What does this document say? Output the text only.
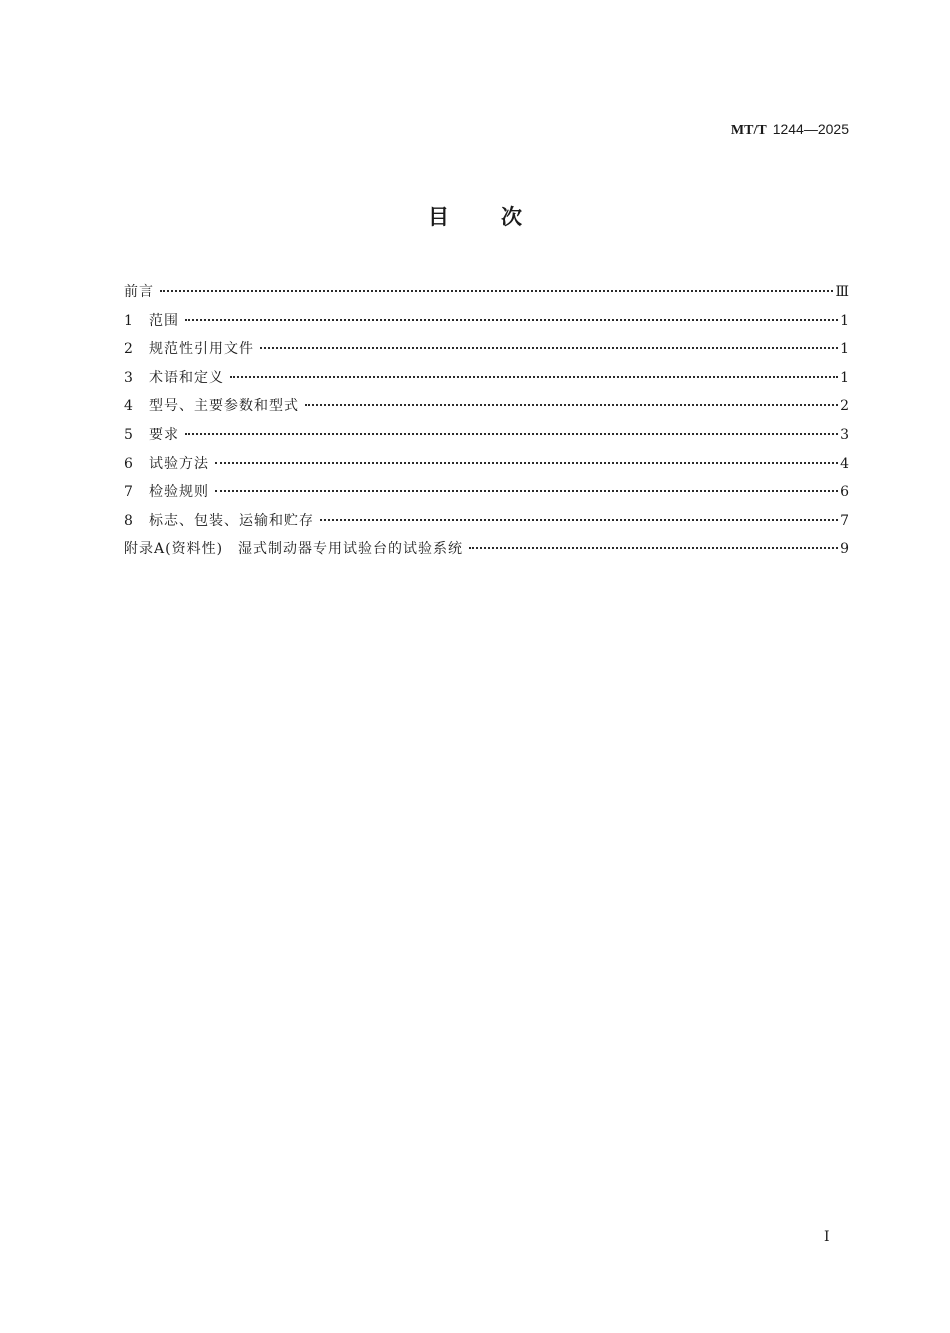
MT/T 1244—2025
目次
前言	Ⅲ
1	范围	1
2	规范性引用文件	1
3	术语和定义	1
4	型号、主要参数和型式	2
5	要求	3
6	试验方法	4
7	检验规则	6
8	标志、包装、运输和贮存	7
附录A(资料性)　湿式制动器专用试验台的试验系统	9
I
